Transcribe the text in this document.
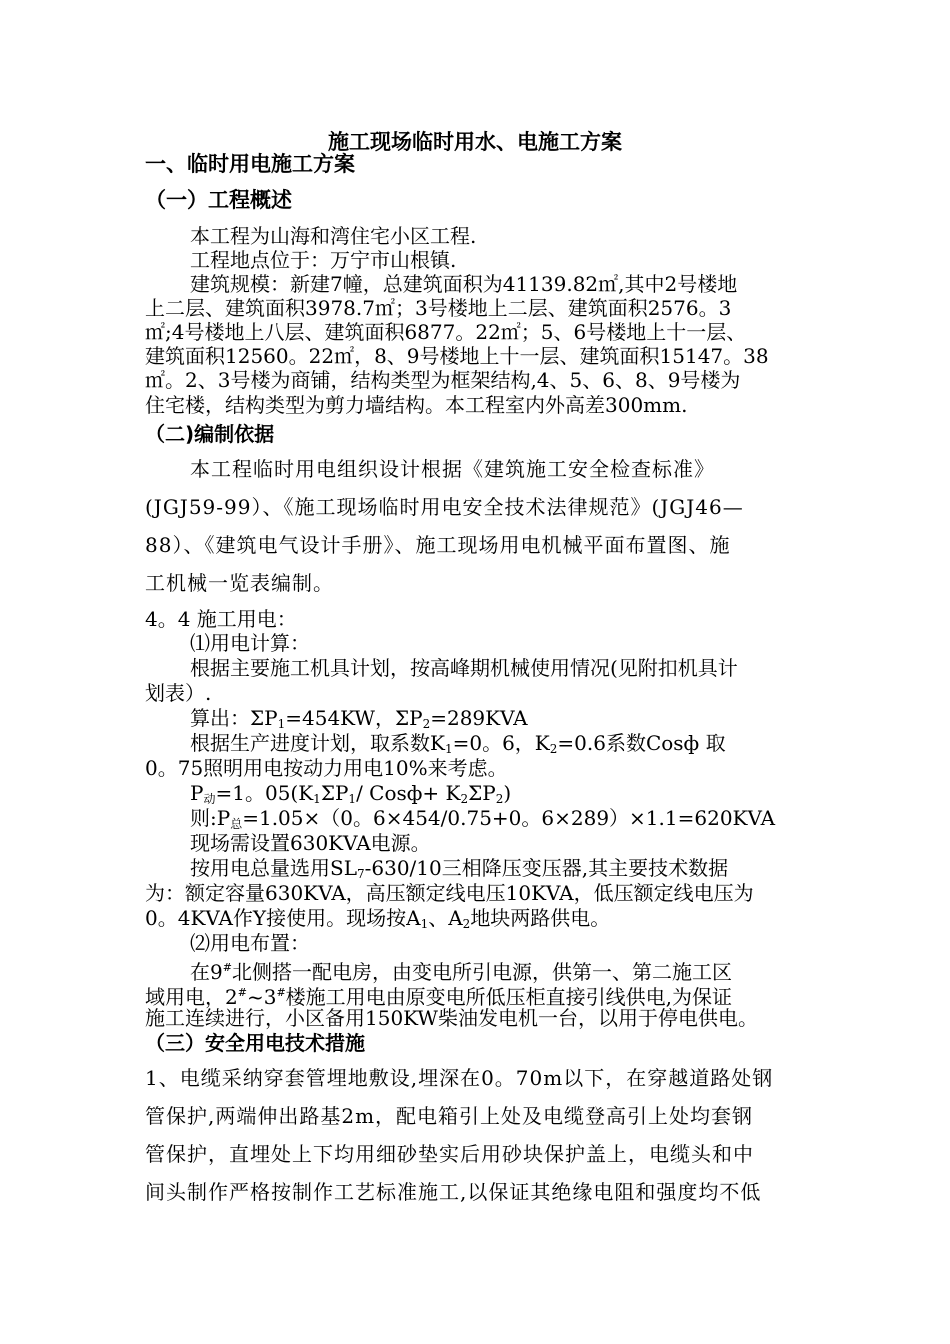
施工现场临时用水、电施工方案
一、临时用电施工方案
（一）工程概述
本工程为山海和湾住宅小区工程.
工程地点位于：万宁市山根镇.
建筑规模：新建7幢，总建筑面积为41139.82㎡,其中2号楼地
上二层、建筑面积3978.7㎡；3号楼地上二层、建筑面积2576。3
㎡;4号楼地上八层、建筑面积6877。22㎡；5、6号楼地上十一层、
建筑面积12560。22㎡，8、9号楼地上十一层、建筑面积15147。38
㎡。2、3号楼为商铺，结构类型为框架结构,4、5、6、8、9号楼为
住宅楼，结构类型为剪力墙结构。本工程室内外高差300mm.
（二)编制依据
本工程临时用电组织设计根据《建筑施工安全检查标准》
(JGJ59-99）、《施工现场临时用电安全技术法律规范》(JGJ46—
88）、《建筑电气设计手册》、施工现场用电机械平面布置图、施
工机械一览表编制。
4。4 施工用电：
⑴用电计算：
根据主要施工机具计划，按高峰期机械使用情况(见附扣机具计
划表）.
算出：$\Sigma P_1=454KW$，$\Sigma P_2=289KVA$
根据生产进度计划，取系数$K_1=0$。6，$K_2=0.6$系数Cosф 取
0。75照明用电按动力用电10%来考虑。
$P_动=1$。$05(K_1\Sigma P_1/$ Cosф+ $K_2\Sigma P_2$)
则$:P_总=1.05\times(0$。6×454/0.75+0。6×289）×1.1=620KVA
现场需设置630KVA电源。
按用电总量选用$SL_7-630/10$三相降压变压器,其主要技术数据
为：额定容量630KVA，高压额定线电压10KVA，低压额定线电压为
0。4KVA作Y接使用。现场按$A_1$、$A_2$地块两路供电。
⑵用电布置：
在9#北侧搭一配电房，由变电所引电源，供第一、第二施工区
域用电，2#~3#楼施工用电由原变电所低压柜直接引线供电,为保证
施工连续进行，小区备用150KW柴油发电机一台，以用于停电供电。
（三）安全用电技术措施
1、电缆采纳穿套管埋地敷设,埋深在0。70m以下，在穿越道路处钢
管保护,两端伸出路基2m，配电箱引上处及电缆登高引上处均套钢
管保护，直埋处上下均用细砂垫实后用砂块保护盖上，电缆头和中
间头制作严格按制作工艺标准施工,以保证其绝缘电阻和强度均不低
